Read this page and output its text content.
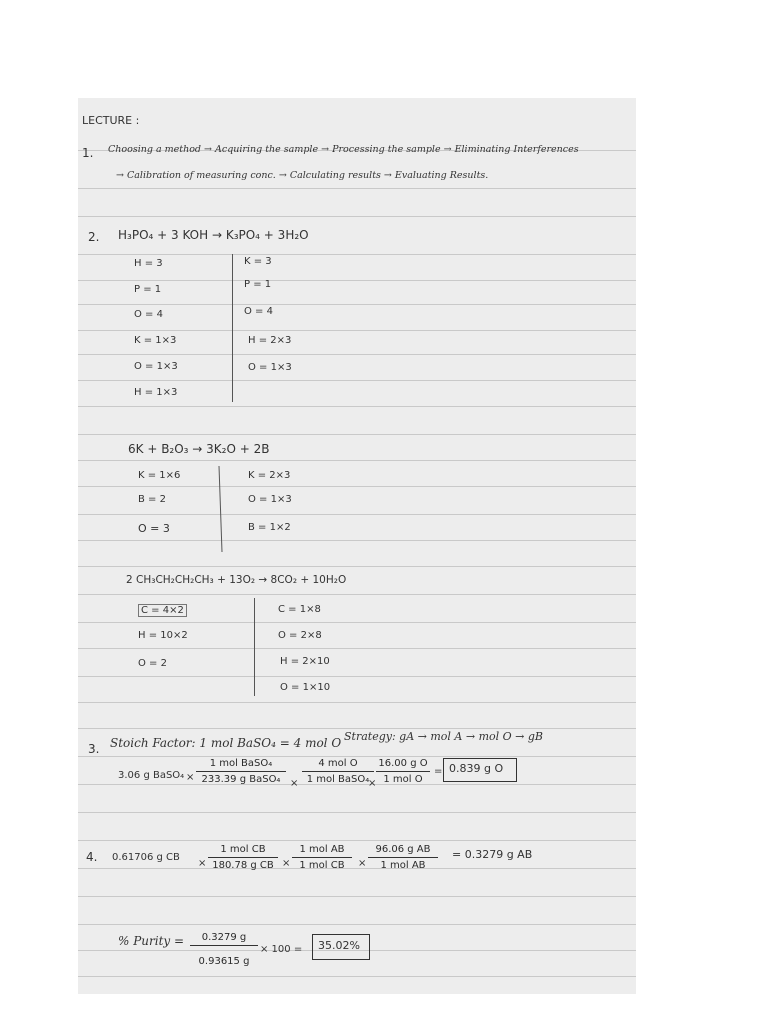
LECTURE :
1. Choosing a method → Acquiring the sample → Processing the sample → Eliminating Interferences
→ Calibration of measuring conc. → Calculating results → Evaluating Results.
2. H₃PO₄ + 3 KOH → K₃PO₄ + 3H₂O
H = 3
P = 1
O = 4
K = 1×3
O = 1×3
H = 1×3
K = 3
P = 1
O = 4
H = 2×3
O = 1×3
6K + B₂O₃ → 3K₂O + 2B
K = 1×6
B = 2
O = 3
K = 2×3
O = 1×3
B = 1×2
2 CH₃CH₂CH₂CH₃ + 13O₂ → 8CO₂ + 10H₂O
C = 4×2
H = 10×2
O = 2
C = 1×8
O = 2×8
H = 2×10
O = 1×10
3. Stoich Factor: 1 mol BaSO₄ = 4 mol O Strategy: gA → mol A → mol O → gB
3.06 g BaSO₄ ×
1 mol BaSO₄
233.39 g BaSO₄ ×
4 mol O
1 mol BaSO₄
×
16.00 g O
1 mol O
= 0.839 g O
4. 0.61706 g CB
×
1 mol CB
180.78 g CB ×
1 mol AB
1 mol CB	×
96.06 g AB
1 mol AB
= 0.3279 g AB
% Purity =	0.3279 g
0.93615 g
× 100 = 35.02%
